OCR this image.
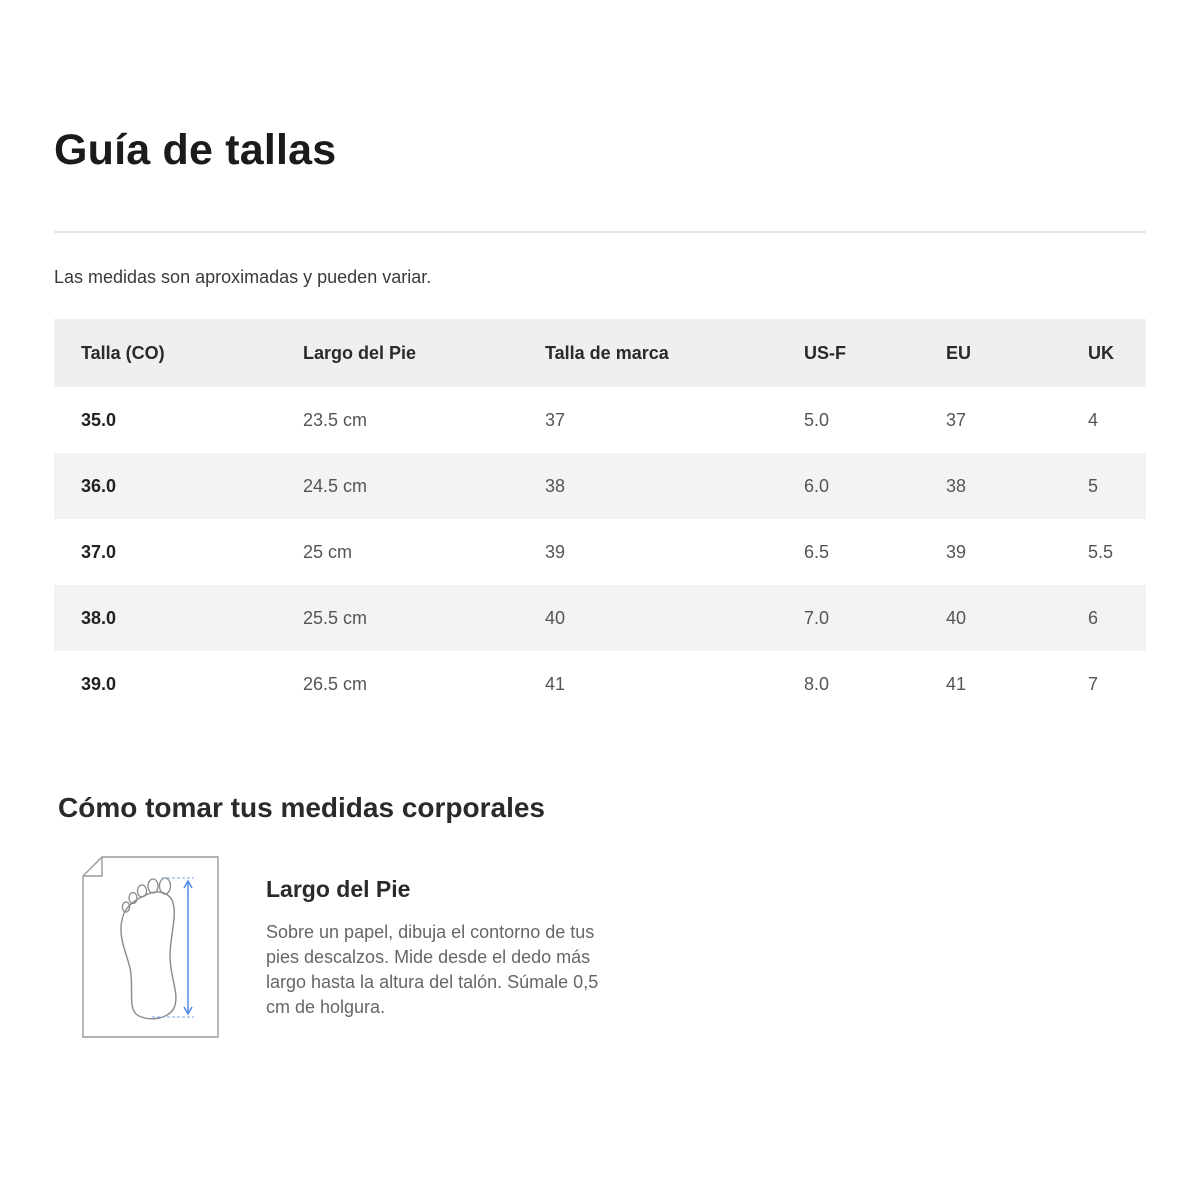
Guía de tallas
Las medidas son aproximadas y pueden variar.
Talla (CO)	Largo del Pie	Talla de marca	US-F	EU	UK
35.0	23.5 cm	37	5.0	37	4
36.0	24.5 cm	38	6.0	38	5
37.0	25 cm	39	6.5	39	5.5
38.0	25.5 cm	40	7.0	40	6
39.0	26.5 cm	41	8.0	41	7
Cómo tomar tus medidas corporales
Largo del Pie

Sobre un papel, dibuja el contorno de tus pies descalzos. Mide desde el dedo más largo hasta la altura del talón. Súmale 0,5 cm de holgura.
